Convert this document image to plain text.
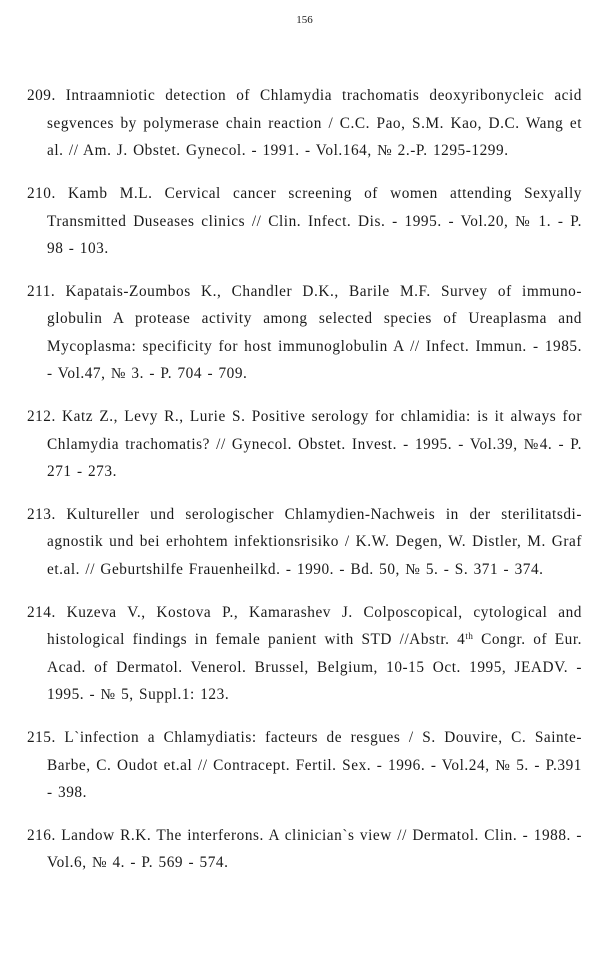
156

209. Intraamniotic detection of Chlamydia trachomatis deoxyribonycleic acid segvences by polymerase chain reaction / C.C. Pao, S.M. Kao, D.C. Wang et al. // Am. J. Obstet. Gynecol. - 1991. - Vol.164, № 2.-P. 1295-1299.

210. Kamb M.L. Cervical cancer screening of women attending Sexyally Transmitted Duseases clinics // Clin. Infect. Dis. - 1995. - Vol.20, № 1. - P. 98 - 103.

211. Kapatais-Zoumbos K., Chandler D.K., Barile M.F. Survey of immuno-globulin A protease activity among selected species of Ureaplasma and Mycoplasma: specificity for host immunoglobulin A // Infect. Immun. - 1985. - Vol.47, № 3. - P. 704 - 709.

212. Katz Z., Levy R., Lurie S. Positive serology for chlamidia: is it always for Chlamydia trachomatis? // Gynecol. Obstet. Invest. - 1995. - Vol.39, №4. - P. 271 - 273.

213. Kultureller und serologischer Chlamydien-Nachweis in der sterilitatsdi-agnostik und bei erhohtem infektionsrisiko / K.W. Degen, W. Distler, M. Graf et.al. // Geburtshilfe Frauenheilkd. - 1990. - Bd. 50, № 5. - S. 371 - 374.

214. Kuzeva V., Kostova P., Kamarashev J. Colposcopical, cytological and histological findings in female panient with STD //Abstr. 4th Congr. of Eur. Acad. of Dermatol. Venerol. Brussel, Belgium, 10-15 Oct. 1995, JEADV. - 1995. - № 5, Suppl.1: 123.

215. L`infection a Chlamydiatis: facteurs de resgues / S. Douvire, C. Sainte-Barbe, C. Oudot et.al // Contracept. Fertil. Sex. - 1996. - Vol.24, № 5. - P.391 - 398.

216. Landow R.K. The interferons. A clinician`s view // Dermatol. Clin. - 1988. - Vol.6, № 4. - P. 569 - 574.
